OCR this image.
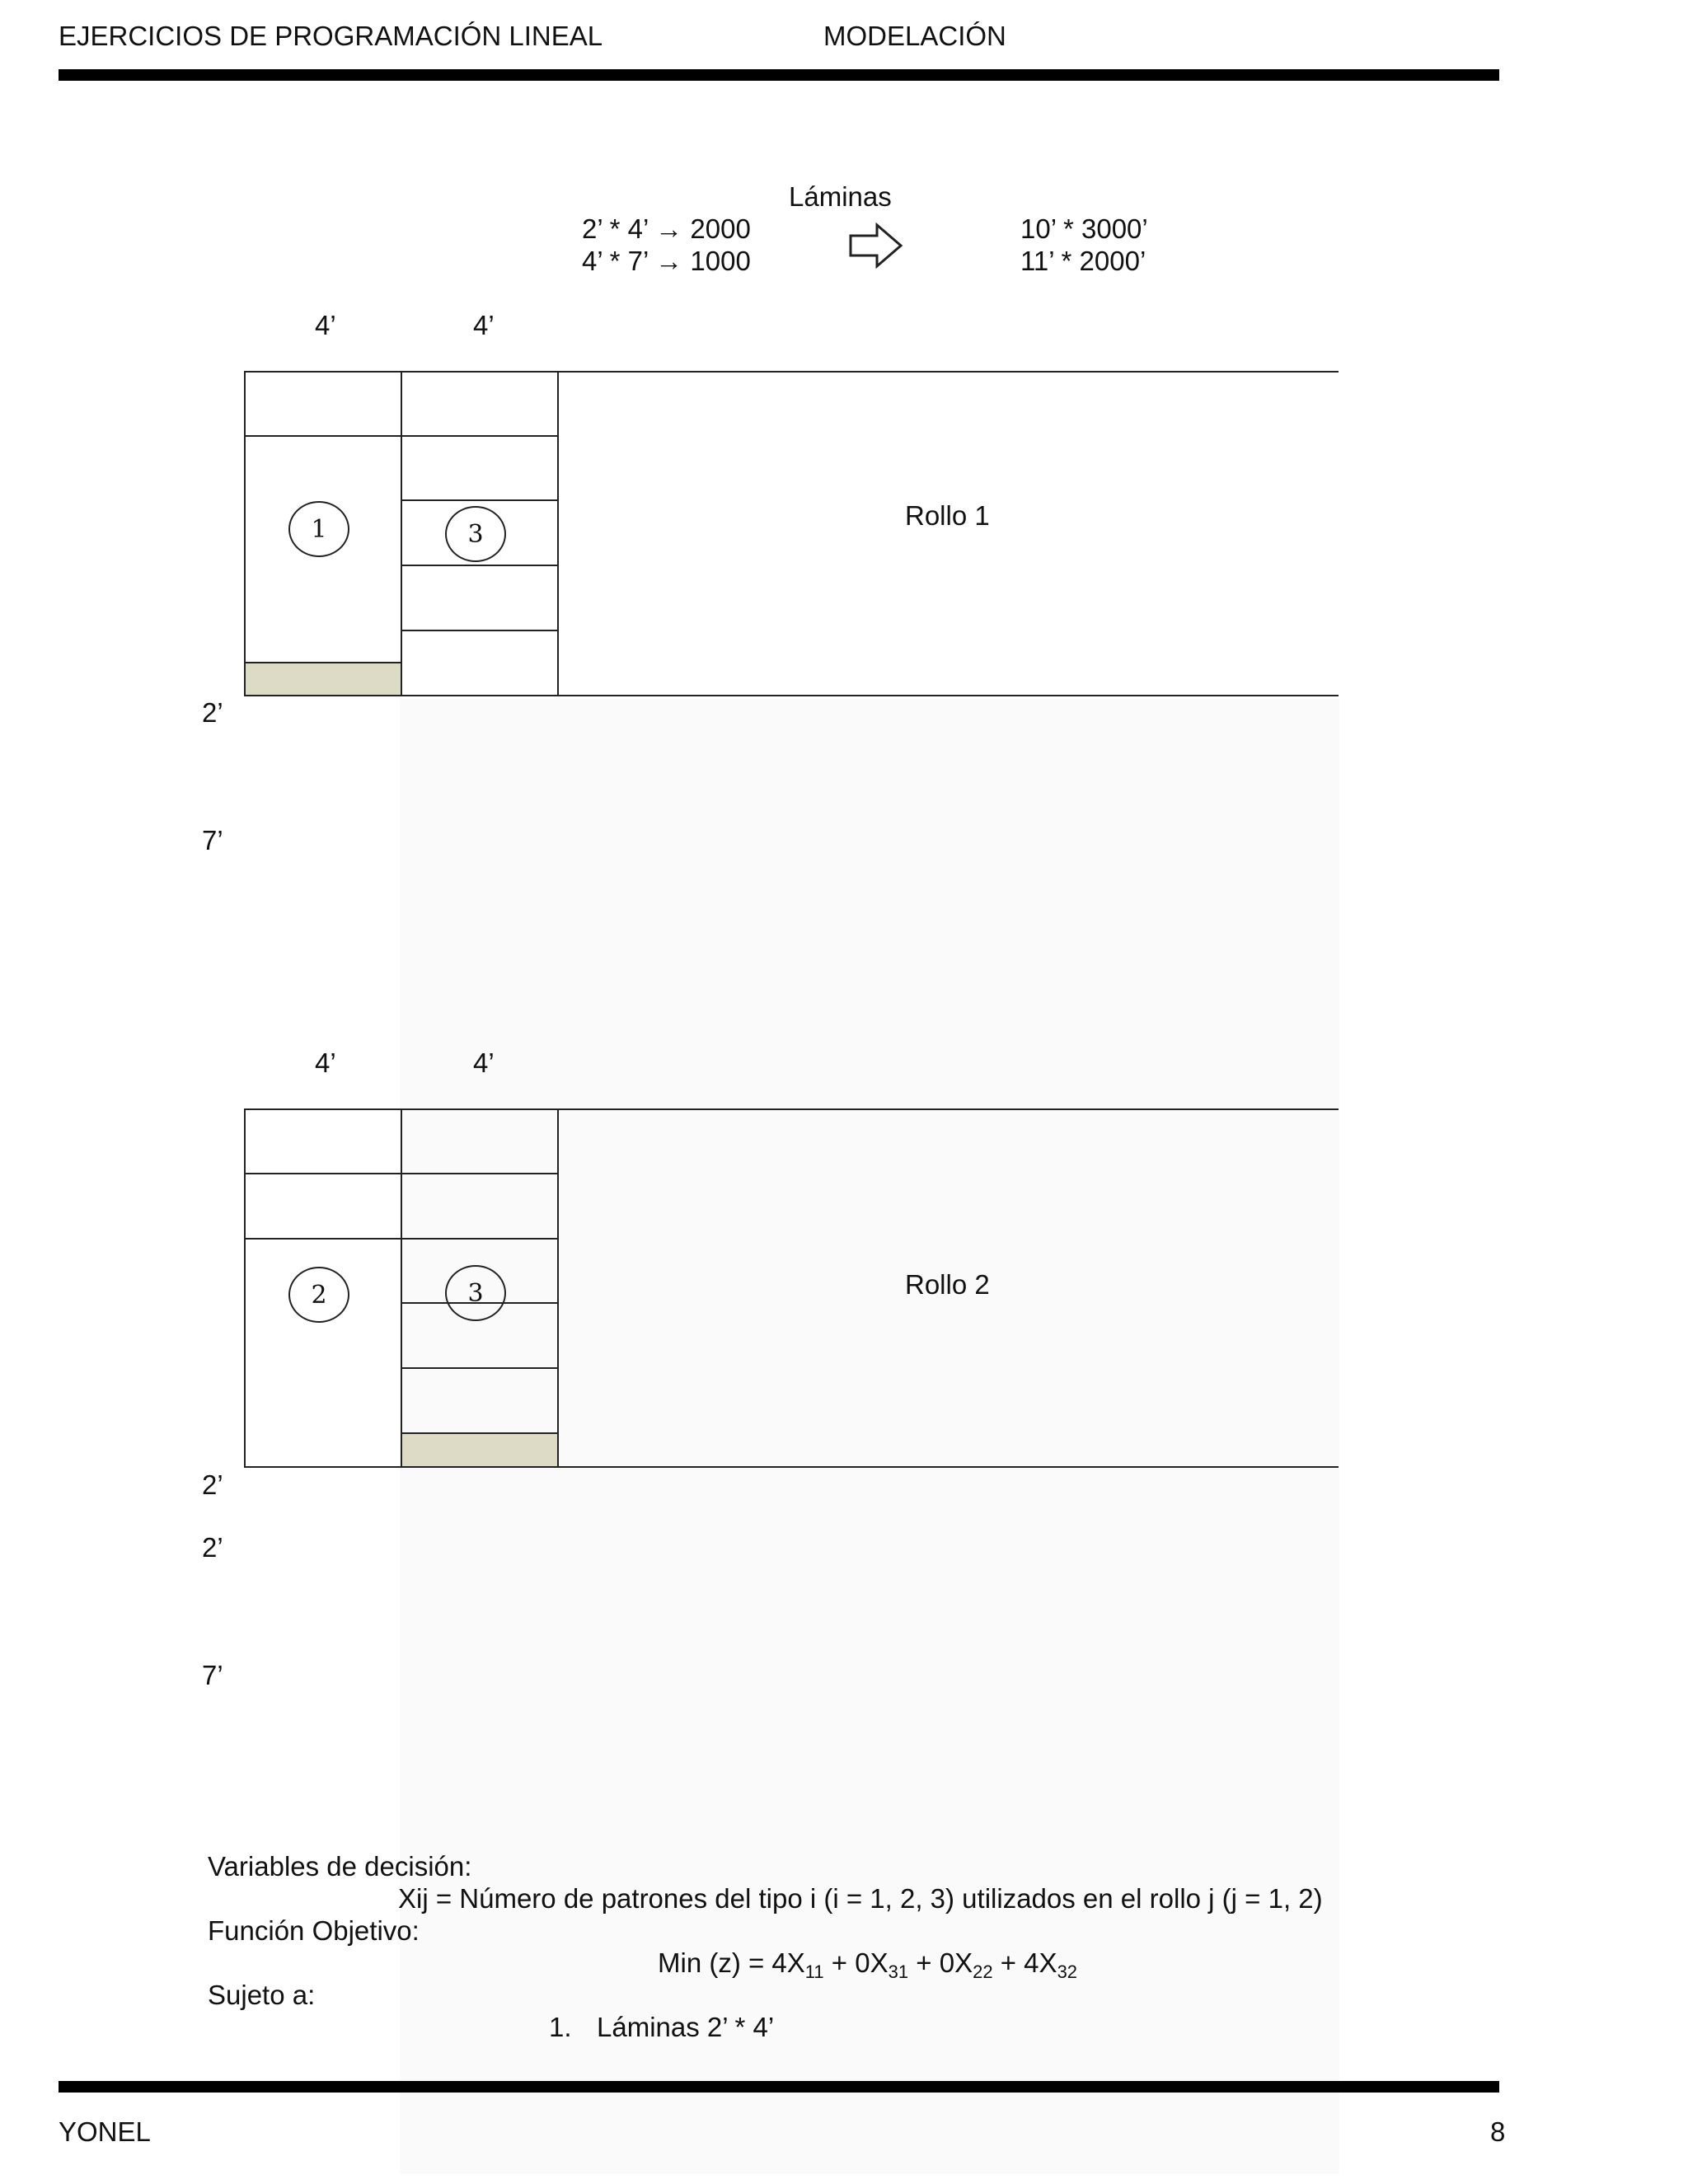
EJERCICIOS DE PROGRAMACIÓN LINEAL	MODELACIÓN
Láminas
2’ * 4’ → 2000
4’ * 7’ → 1000
10’ * 3000’
11’ * 2000’
4’	4’
1	3
Rollo 1
2’
7’
4’	4’
2	3	Rollo 2
2’
2’
7’
Variables de decisión:
Xij = Número de patrones del tipo i (i = 1, 2, 3) utilizados en el rollo j (j = 1, 2)
Función Objetivo:
Min $(z) = 4X_{11} + 0X_{31} + 0X_{22} + 4X_{32}$
Sujeto a:
1. Láminas 2’ * 4’
YONEL	8
